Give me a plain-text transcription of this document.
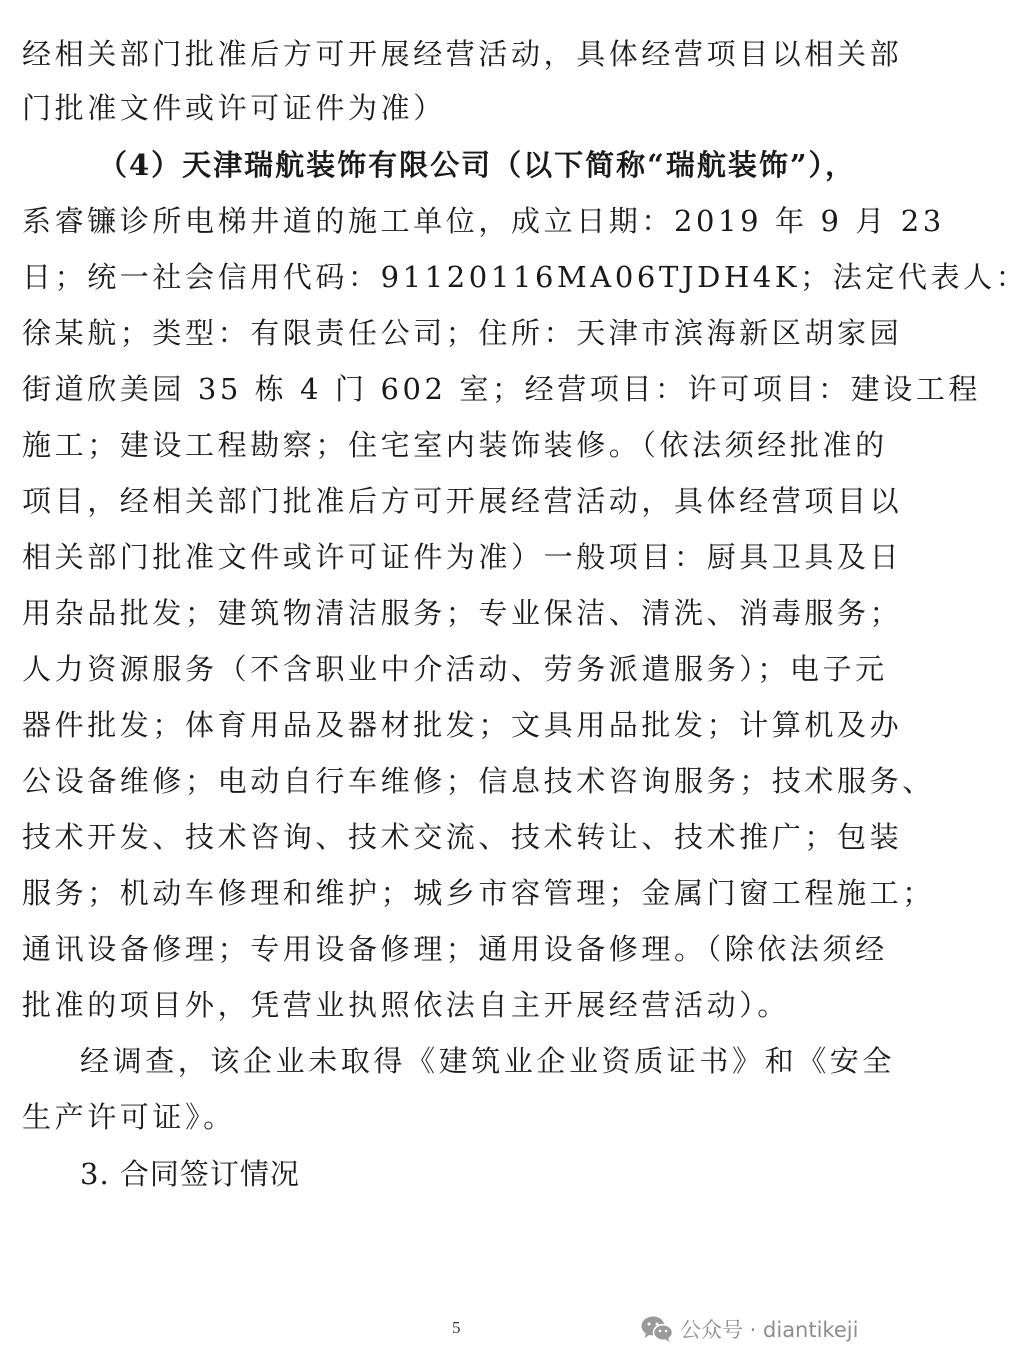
经相关部门批准后方可开展经营活动，具体经营项目以相关部
门批准文件或许可证件为准）
（4）天津瑞航装饰有限公司（以下简称“瑞航装饰”），
系睿镰诊所电梯井道的施工单位，成立日期：2019 年 9 月 23
日；统一社会信用代码：91120116MA06TJDH4K；法定代表人：
徐某航；类型：有限责任公司；住所：天津市滨海新区胡家园
街道欣美园 35 栋 4 门 602 室；经营项目：许可项目：建设工程
施工；建设工程勘察；住宅室内装饰装修。（依法须经批准的
项目，经相关部门批准后方可开展经营活动，具体经营项目以
相关部门批准文件或许可证件为准）一般项目：厨具卫具及日
用杂品批发；建筑物清洁服务；专业保洁、清洗、消毒服务；
人力资源服务（不含职业中介活动、劳务派遣服务）；电子元
器件批发；体育用品及器材批发；文具用品批发；计算机及办
公设备维修；电动自行车维修；信息技术咨询服务；技术服务、
技术开发、技术咨询、技术交流、技术转让、技术推广；包装
服务；机动车修理和维护；城乡市容管理；金属门窗工程施工；
通讯设备修理；专用设备修理；通用设备修理。（除依法须经
批准的项目外，凭营业执照依法自主开展经营活动）。
经调查，该企业未取得《建筑业企业资质证书》和《安全
生产许可证》。
3. 合同签订情况
5	公众号 · diantikeji
